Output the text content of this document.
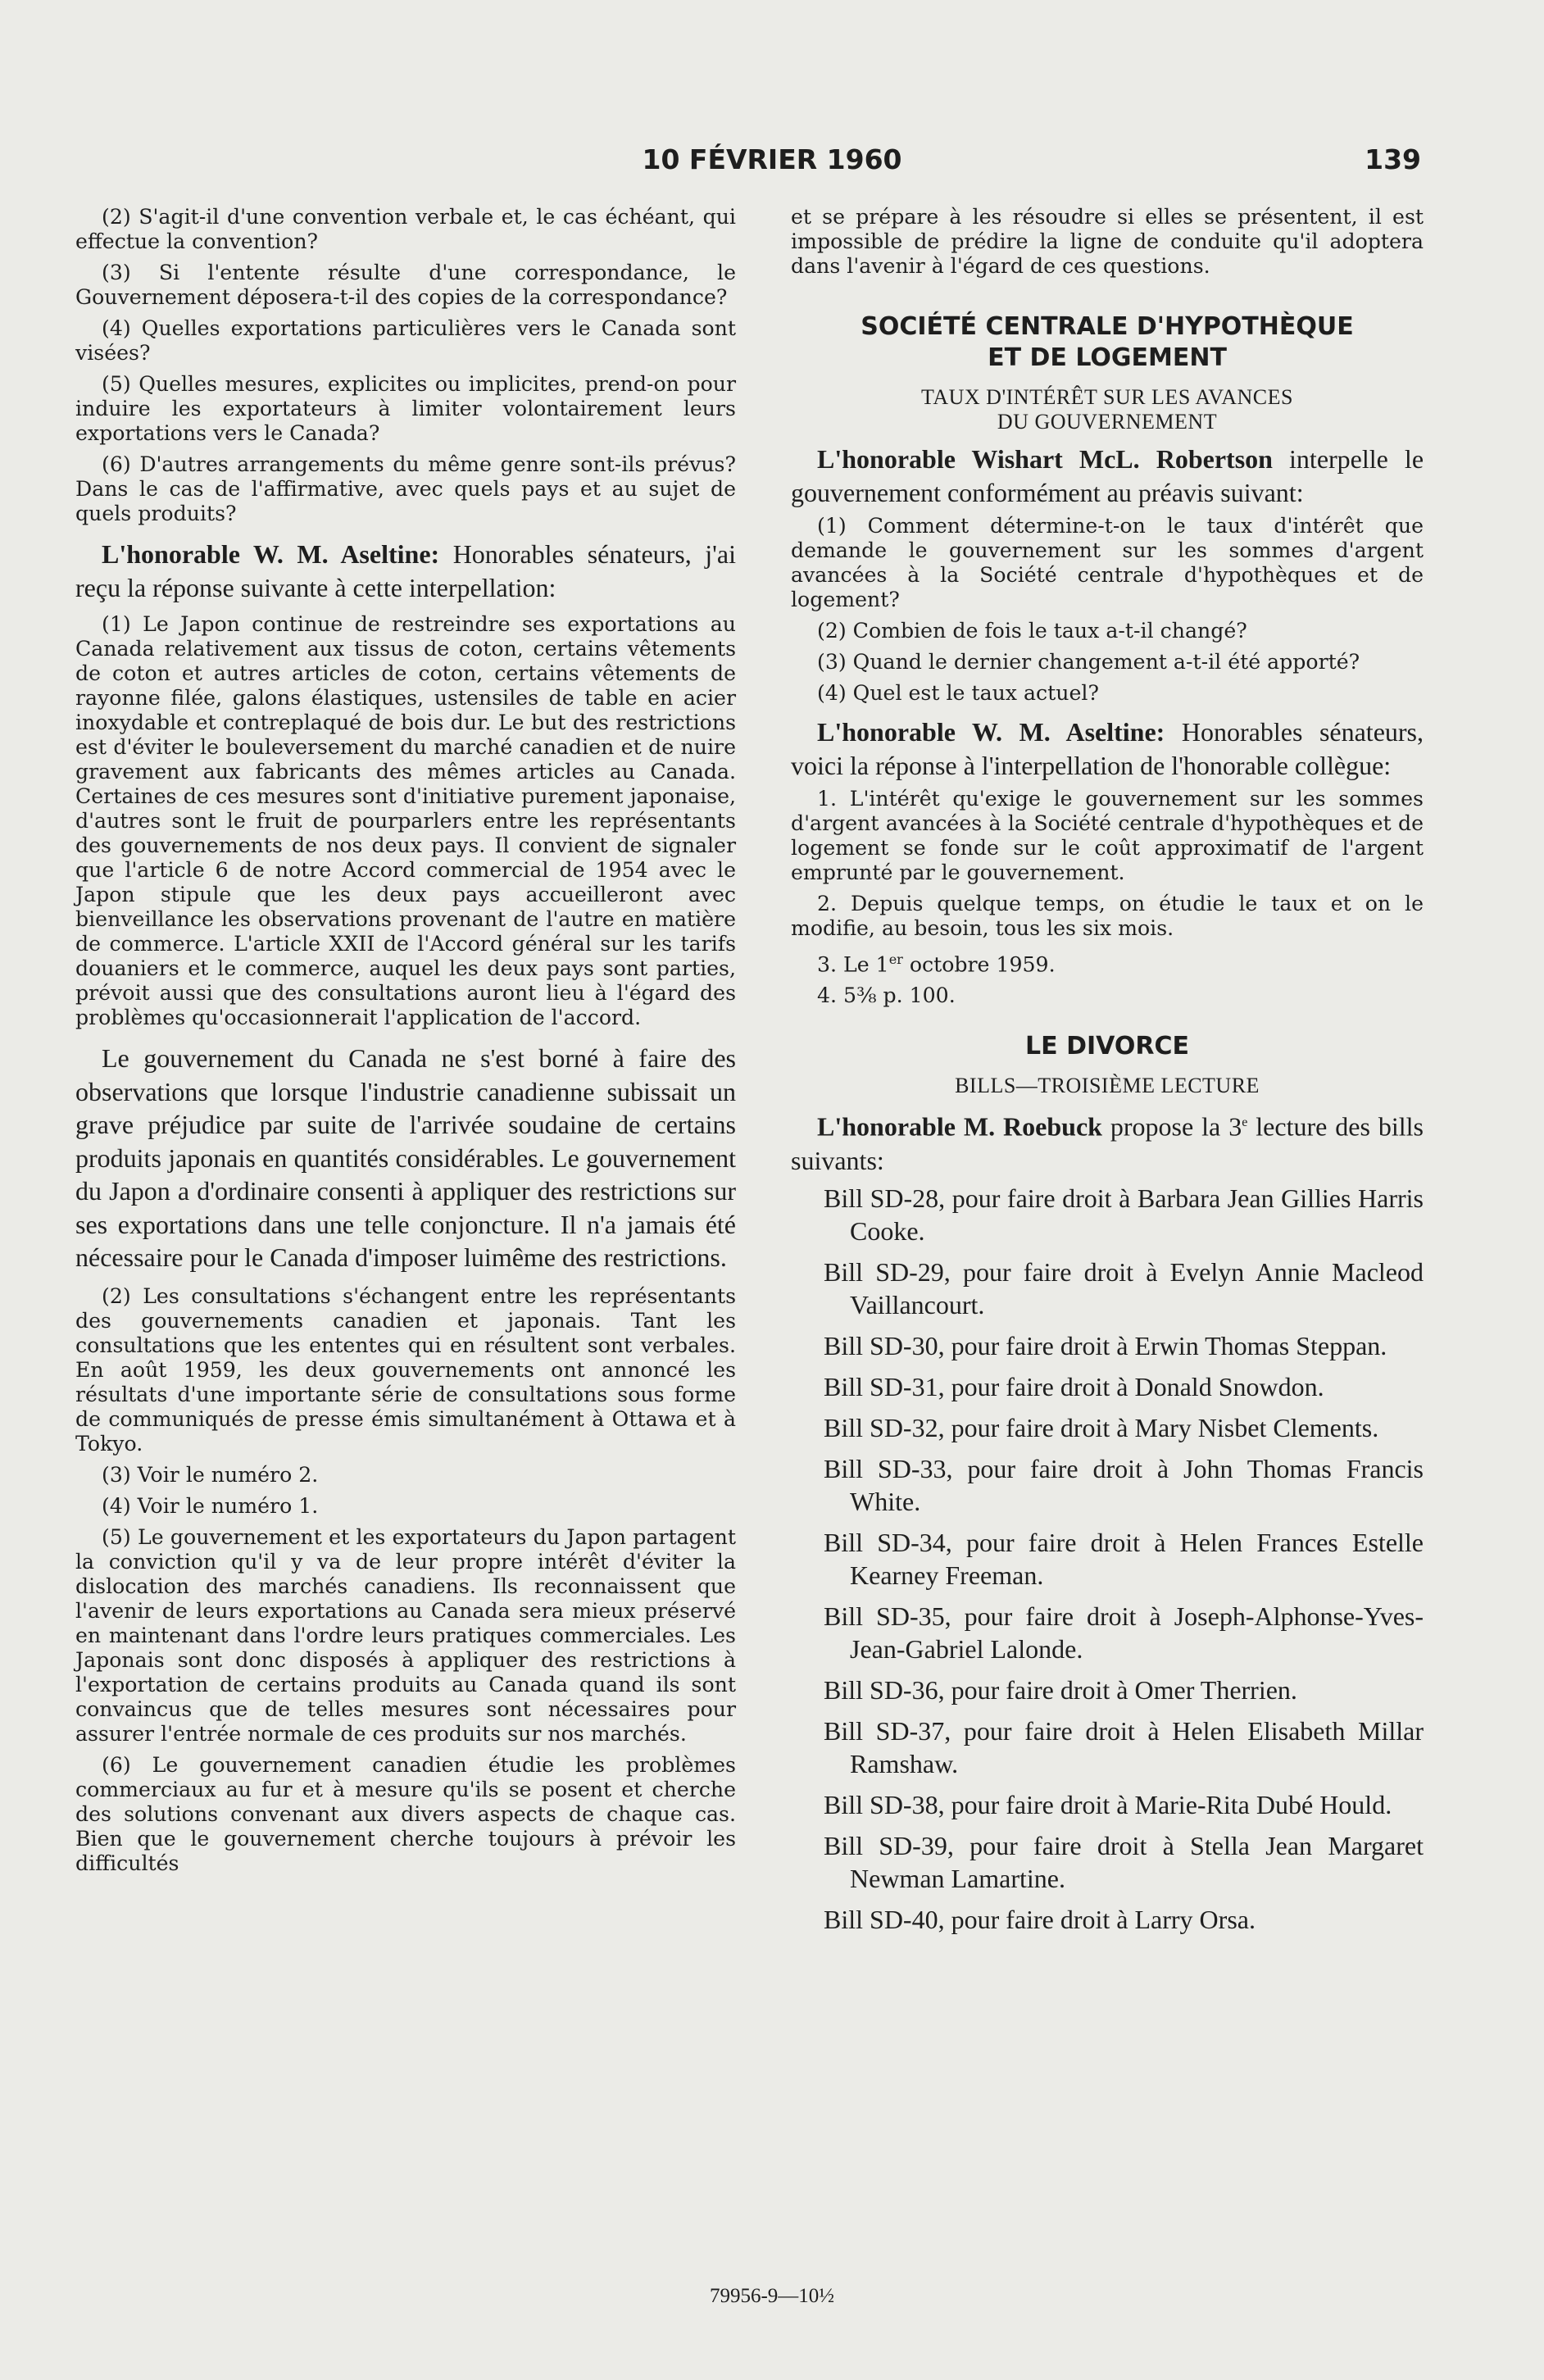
10 FÉVRIER 1960	139

(2) S'agit-il d'une convention verbale et, le cas échéant, qui effectue la convention?

(3) Si l'entente résulte d'une correspondance, le Gouvernement déposera-t-il des copies de la correspondance?

(4) Quelles exportations particulières vers le Canada sont visées?

(5) Quelles mesures, explicites ou implicites, prend-on pour induire les exportateurs à limiter volontairement leurs exportations vers le Canada?

(6) D'autres arrangements du même genre sont-ils prévus? Dans le cas de l'affirmative, avec quels pays et au sujet de quels produits?

L'honorable W. M. Aseltine: Honorables sénateurs, j'ai reçu la réponse suivante à cette interpellation:

(1) Le Japon continue de restreindre ses exportations au Canada relativement aux tissus de coton, certains vêtements de coton et autres articles de coton, certains vêtements de rayonne filée, galons élastiques, ustensiles de table en acier inoxydable et contreplaqué de bois dur. Le but des restrictions est d'éviter le bouleversement du marché canadien et de nuire gravement aux fabricants des mêmes articles au Canada. Certaines de ces mesures sont d'initiative purement japonaise, d'autres sont le fruit de pourparlers entre les représentants des gouvernements de nos deux pays. Il convient de signaler que l'article 6 de notre Accord commercial de 1954 avec le Japon stipule que les deux pays accueilleront avec bienveillance les observations provenant de l'autre en matière de commerce. L'article XXII de l'Accord général sur les tarifs douaniers et le commerce, auquel les deux pays sont parties, prévoit aussi que des consultations auront lieu à l'égard des problèmes qu'occasionnerait l'application de l'accord.

Le gouvernement du Canada ne s'est borné à faire des observations que lorsque l'industrie canadienne subissait un grave préjudice par suite de l'arrivée soudaine de certains produits japonais en quantités considérables. Le gouvernement du Japon a d'ordinaire consenti à appliquer des restrictions sur ses exportations dans une telle conjoncture. Il n'a jamais été nécessaire pour le Canada d'imposer luimême des restrictions.

(2) Les consultations s'échangent entre les représentants des gouvernements canadien et japonais. Tant les consultations que les ententes qui en résultent sont verbales. En août 1959, les deux gouvernements ont annoncé les résultats d'une importante série de consultations sous forme de communiqués de presse émis simultanément à Ottawa et à Tokyo.

(3) Voir le numéro 2.

(4) Voir le numéro 1.

(5) Le gouvernement et les exportateurs du Japon partagent la conviction qu'il y va de leur propre intérêt d'éviter la dislocation des marchés canadiens. Ils reconnaissent que l'avenir de leurs exportations au Canada sera mieux préservé en maintenant dans l'ordre leurs pratiques commerciales. Les Japonais sont donc disposés à appliquer des restrictions à l'exportation de certains produits au Canada quand ils sont convaincus que de telles mesures sont nécessaires pour assurer l'entrée normale de ces produits sur nos marchés.

(6) Le gouvernement canadien étudie les problèmes commerciaux au fur et à mesure qu'ils se posent et cherche des solutions convenant aux divers aspects de chaque cas. Bien que le gouvernement cherche toujours à prévoir les difficultés

et se prépare à les résoudre si elles se présentent, il est impossible de prédire la ligne de conduite qu'il adoptera dans l'avenir à l'égard de ces questions.

SOCIÉTÉ CENTRALE D'HYPOTHÈQUE
ET DE LOGEMENT
TAUX D'INTÉRÊT SUR LES AVANCES
DU GOUVERNEMENT

L'honorable Wishart McL. Robertson interpelle le gouvernement conformément au préavis suivant:

(1) Comment détermine-t-on le taux d'intérêt que demande le gouvernement sur les sommes d'argent avancées à la Société centrale d'hypothèques et de logement?

(2) Combien de fois le taux a-t-il changé?

(3) Quand le dernier changement a-t-il été apporté?

(4) Quel est le taux actuel?

L'honorable W. M. Aseltine: Honorables sénateurs, voici la réponse à l'interpellation de l'honorable collègue:

1. L'intérêt qu'exige le gouvernement sur les sommes d'argent avancées à la Société centrale d'hypothèques et de logement se fonde sur le coût approximatif de l'argent emprunté par le gouvernement.

2. Depuis quelque temps, on étudie le taux et on le modifie, au besoin, tous les six mois.

3. Le 1er octobre 1959.

4. 5⅜ p. 100.

LE DIVORCE
BILLS—TROISIÈME LECTURE

L'honorable M. Roebuck propose la 3e lecture des bills suivants:

Bill SD-28, pour faire droit à Barbara Jean Gillies Harris Cooke.

Bill SD-29, pour faire droit à Evelyn Annie Macleod Vaillancourt.

Bill SD-30, pour faire droit à Erwin Thomas Steppan.

Bill SD-31, pour faire droit à Donald Snowdon.

Bill SD-32, pour faire droit à Mary Nisbet Clements.

Bill SD-33, pour faire droit à John Thomas Francis White.

Bill SD-34, pour faire droit à Helen Frances Estelle Kearney Freeman.

Bill SD-35, pour faire droit à Joseph-Alphonse-Yves-Jean-Gabriel Lalonde.

Bill SD-36, pour faire droit à Omer Therrien.

Bill SD-37, pour faire droit à Helen Elisabeth Millar Ramshaw.

Bill SD-38, pour faire droit à Marie-Rita Dubé Hould.

Bill SD-39, pour faire droit à Stella Jean Margaret Newman Lamartine.

Bill SD-40, pour faire droit à Larry Orsa.

79956-9—10½
